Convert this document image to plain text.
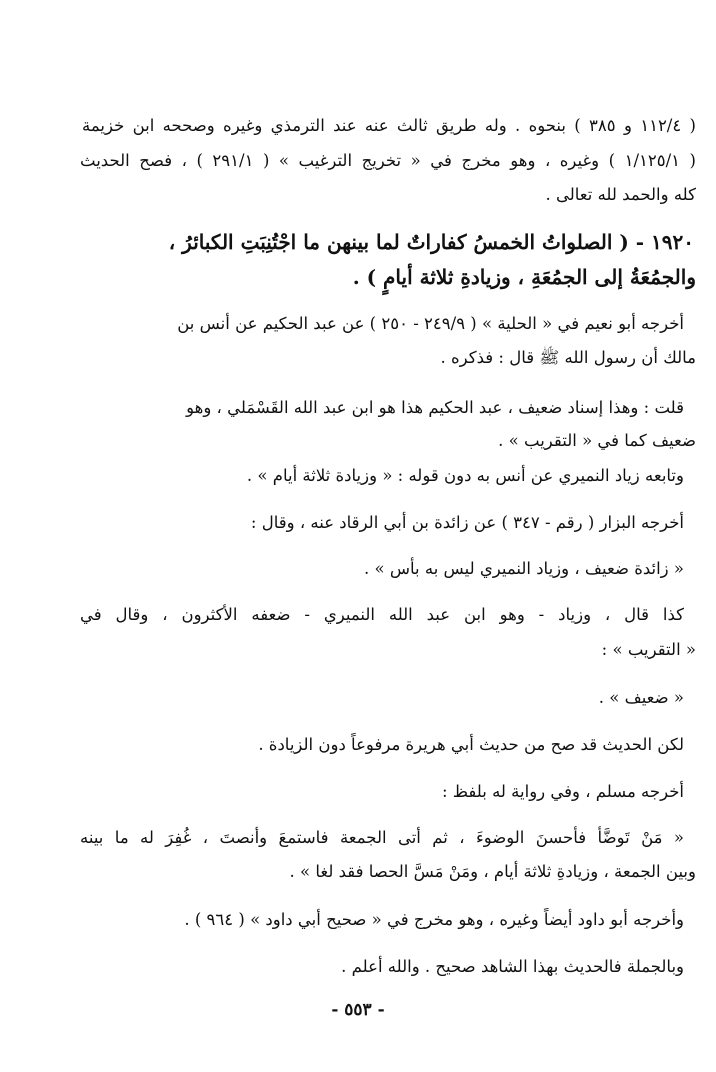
( ١١٢/٤ و ٣٨٥ ) بنحوه . وله طريق ثالث عنه عند الترمذي وغيره وصححه ابن خزيمة
( ١/١٢٥/١ ) وغيره ، وهو مخرج في « تخريج الترغيب » ( ٢٩١/١ ) ، فصح الحديث
كله والحمد لله تعالى .
١٩٢٠ - ( الصلواتُ الخمسُ كفاراتٌ لما بينهن ما اجْتُنِبَتِ الكبائرُ ،
والجمُعَةُ إلى الجمُعَةِ ، وزيادةِ ثلاثة أيامٍ ) .
أخرجه أبو نعيم في « الحلية » ( ٢٤٩/٩ - ٢٥٠ ) عن عبد الحكيم عن أنس بن
مالك أن رسول الله ﷺ قال : فذكره .
قلت : وهذا إسناد ضعيف ، عبد الحكيم هذا هو ابن عبد الله القَسْمَلي ، وهو
ضعيف كما في « التقريب » .
وتابعه زياد النميري عن أنس به دون قوله : « وزيادة ثلاثة أيام » .
أخرجه البزار ( رقم - ٣٤٧ ) عن زائدة بن أبي الرقاد عنه ، وقال :
« زائدة ضعيف ، وزياد النميري ليس به بأس » .
كذا قال ، وزياد - وهو ابن عبد الله النميري - ضعفه الأكثرون ، وقال في
« التقريب » :
« ضعيف » .
لكن الحديث قد صح من حديث أبي هريرة مرفوعاً دون الزيادة .
أخرجه مسلم ، وفي رواية له بلفظ :
« مَنْ تَوضَّأ فأحسنَ الوضوءَ ، ثم أتى الجمعة فاستمعَ وأنصتَ ، غُفِرَ له ما بينه
وبين الجمعة ، وزيادةِ ثلاثة أيام ، ومَنْ مَسَّ الحصا فقد لغا » .
وأخرجه أبو داود أيضاً وغيره ، وهو مخرج في « صحيح أبي داود » ( ٩٦٤ ) .
وبالجملة فالحديث بهذا الشاهد صحيح . والله أعلم .
- ٥٥٣ -
